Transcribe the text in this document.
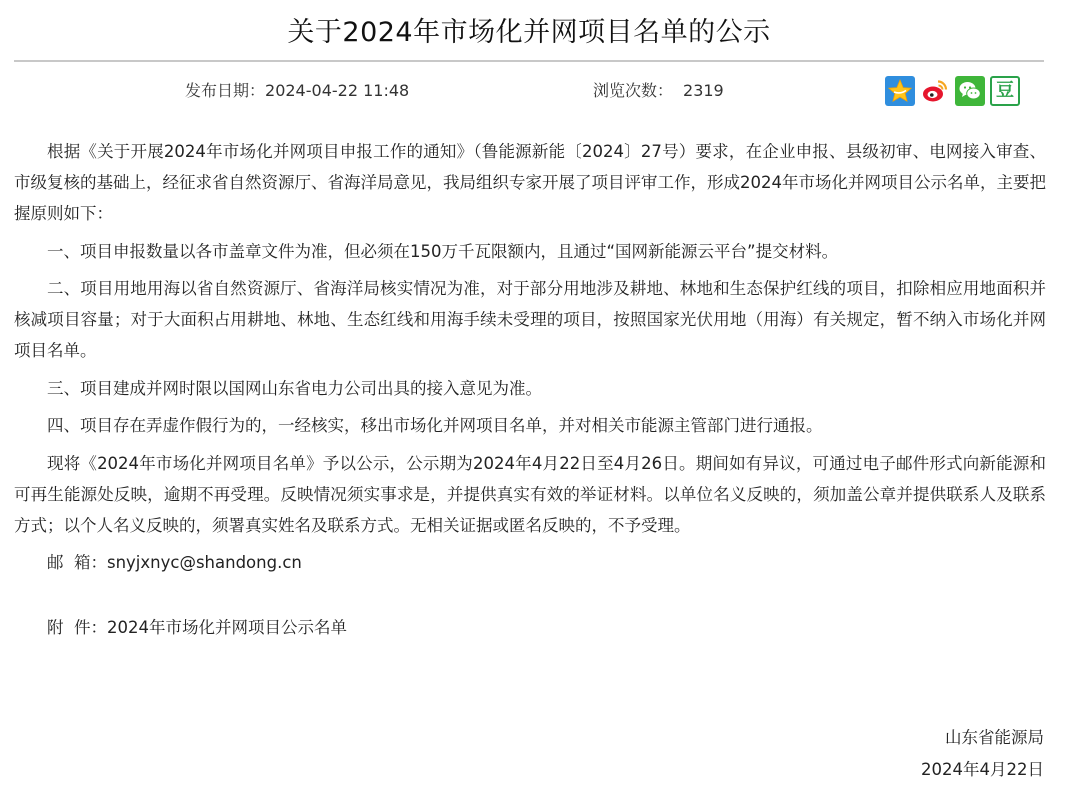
关于2024年市场化并网项目名单的公示
发布日期：2024-04-22 11:48	浏览次数： 2319	豆

根据《关于开展2024年市场化并网项目申报工作的通知》（鲁能源新能〔2024〕27号）要求，在企业申报、县级初审、电网接入审查、市级复核的基础上，经征求省自然资源厅、省海洋局意见，我局组织专家开展了项目评审工作，形成2024年市场化并网项目公示名单，主要把握原则如下：

一、项目申报数量以各市盖章文件为准，但必须在150万千瓦限额内，且通过“国网新能源云平台”提交材料。

二、项目用地用海以省自然资源厅、省海洋局核实情况为准，对于部分用地涉及耕地、林地和生态保护红线的项目，扣除相应用地面积并核减项目容量；对于大面积占用耕地、林地、生态红线和用海手续未受理的项目，按照国家光伏用地（用海）有关规定，暂不纳入市场化并网项目名单。

三、项目建成并网时限以国网山东省电力公司出具的接入意见为准。

四、项目存在弄虚作假行为的，一经核实，移出市场化并网项目名单，并对相关市能源主管部门进行通报。

现将《2024年市场化并网项目名单》予以公示，公示期为2024年4月22日至4月26日。期间如有异议，可通过电子邮件形式向新能源和可再生能源处反映，逾期不再受理。反映情况须实事求是，并提供真实有效的举证材料。以单位名义反映的，须加盖公章并提供联系人及联系方式；以个人名义反映的，须署真实姓名及联系方式。无相关证据或匿名反映的，不予受理。

邮  箱：snyjxnyc@shandong.cn

附  件：2024年市场化并网项目公示名单

山东省能源局
2024年4月22日
